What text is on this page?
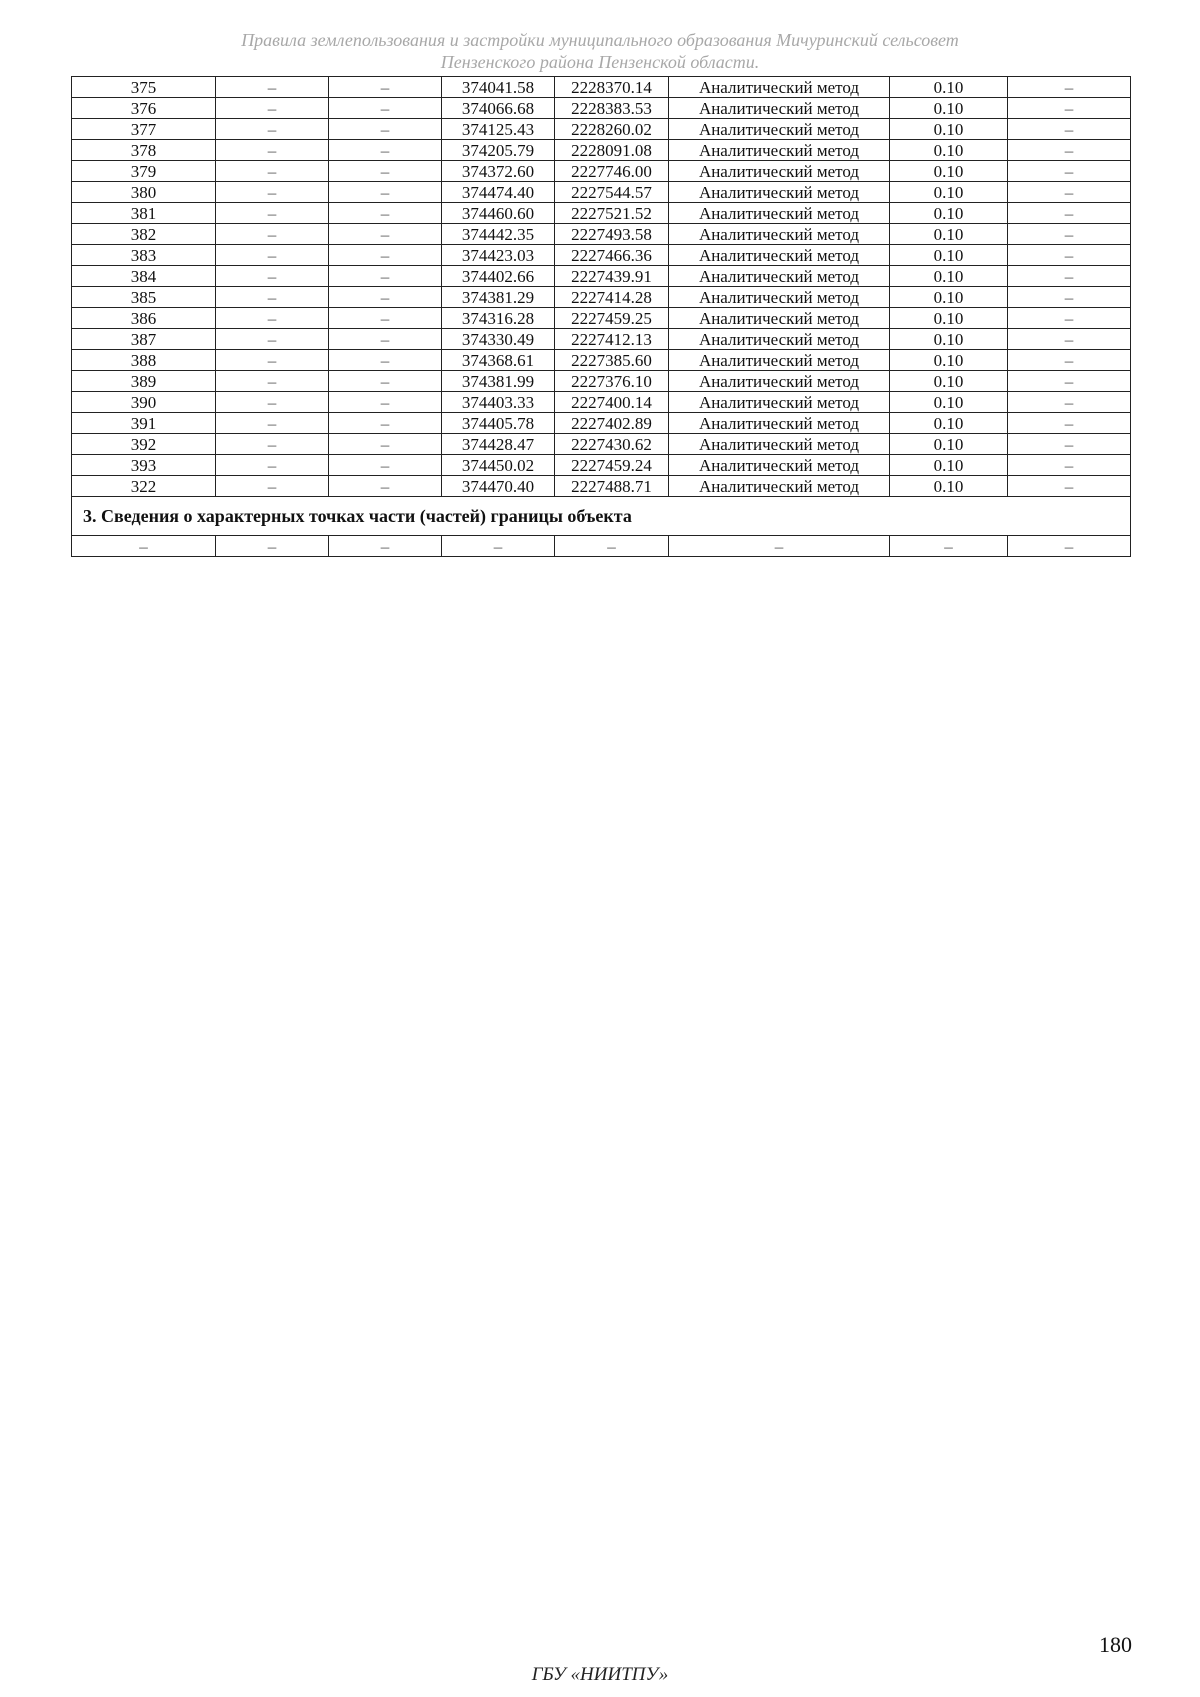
Правила землепользования и застройки муниципального образования Мичуринский сельсовет
Пензенского района Пензенской области.
375	–	–	374041.58	2228370.14	Аналитический метод	0.10	–
376	–	–	374066.68	2228383.53	Аналитический метод	0.10	–
377	–	–	374125.43	2228260.02	Аналитический метод	0.10	–
378	–	–	374205.79	2228091.08	Аналитический метод	0.10	–
379	–	–	374372.60	2227746.00	Аналитический метод	0.10	–
380	–	–	374474.40	2227544.57	Аналитический метод	0.10	–
381	–	–	374460.60	2227521.52	Аналитический метод	0.10	–
382	–	–	374442.35	2227493.58	Аналитический метод	0.10	–
383	–	–	374423.03	2227466.36	Аналитический метод	0.10	–
384	–	–	374402.66	2227439.91	Аналитический метод	0.10	–
385	–	–	374381.29	2227414.28	Аналитический метод	0.10	–
386	–	–	374316.28	2227459.25	Аналитический метод	0.10	–
387	–	–	374330.49	2227412.13	Аналитический метод	0.10	–
388	–	–	374368.61	2227385.60	Аналитический метод	0.10	–
389	–	–	374381.99	2227376.10	Аналитический метод	0.10	–
390	–	–	374403.33	2227400.14	Аналитический метод	0.10	–
391	–	–	374405.78	2227402.89	Аналитический метод	0.10	–
392	–	–	374428.47	2227430.62	Аналитический метод	0.10	–
393	–	–	374450.02	2227459.24	Аналитический метод	0.10	–
322	–	–	374470.40	2227488.71	Аналитический метод	0.10	–
3. Сведения о характерных точках части (частей) границы объекта							
–	–	–	–	–	–	–	–
180
ГБУ «НИИТПУ»
